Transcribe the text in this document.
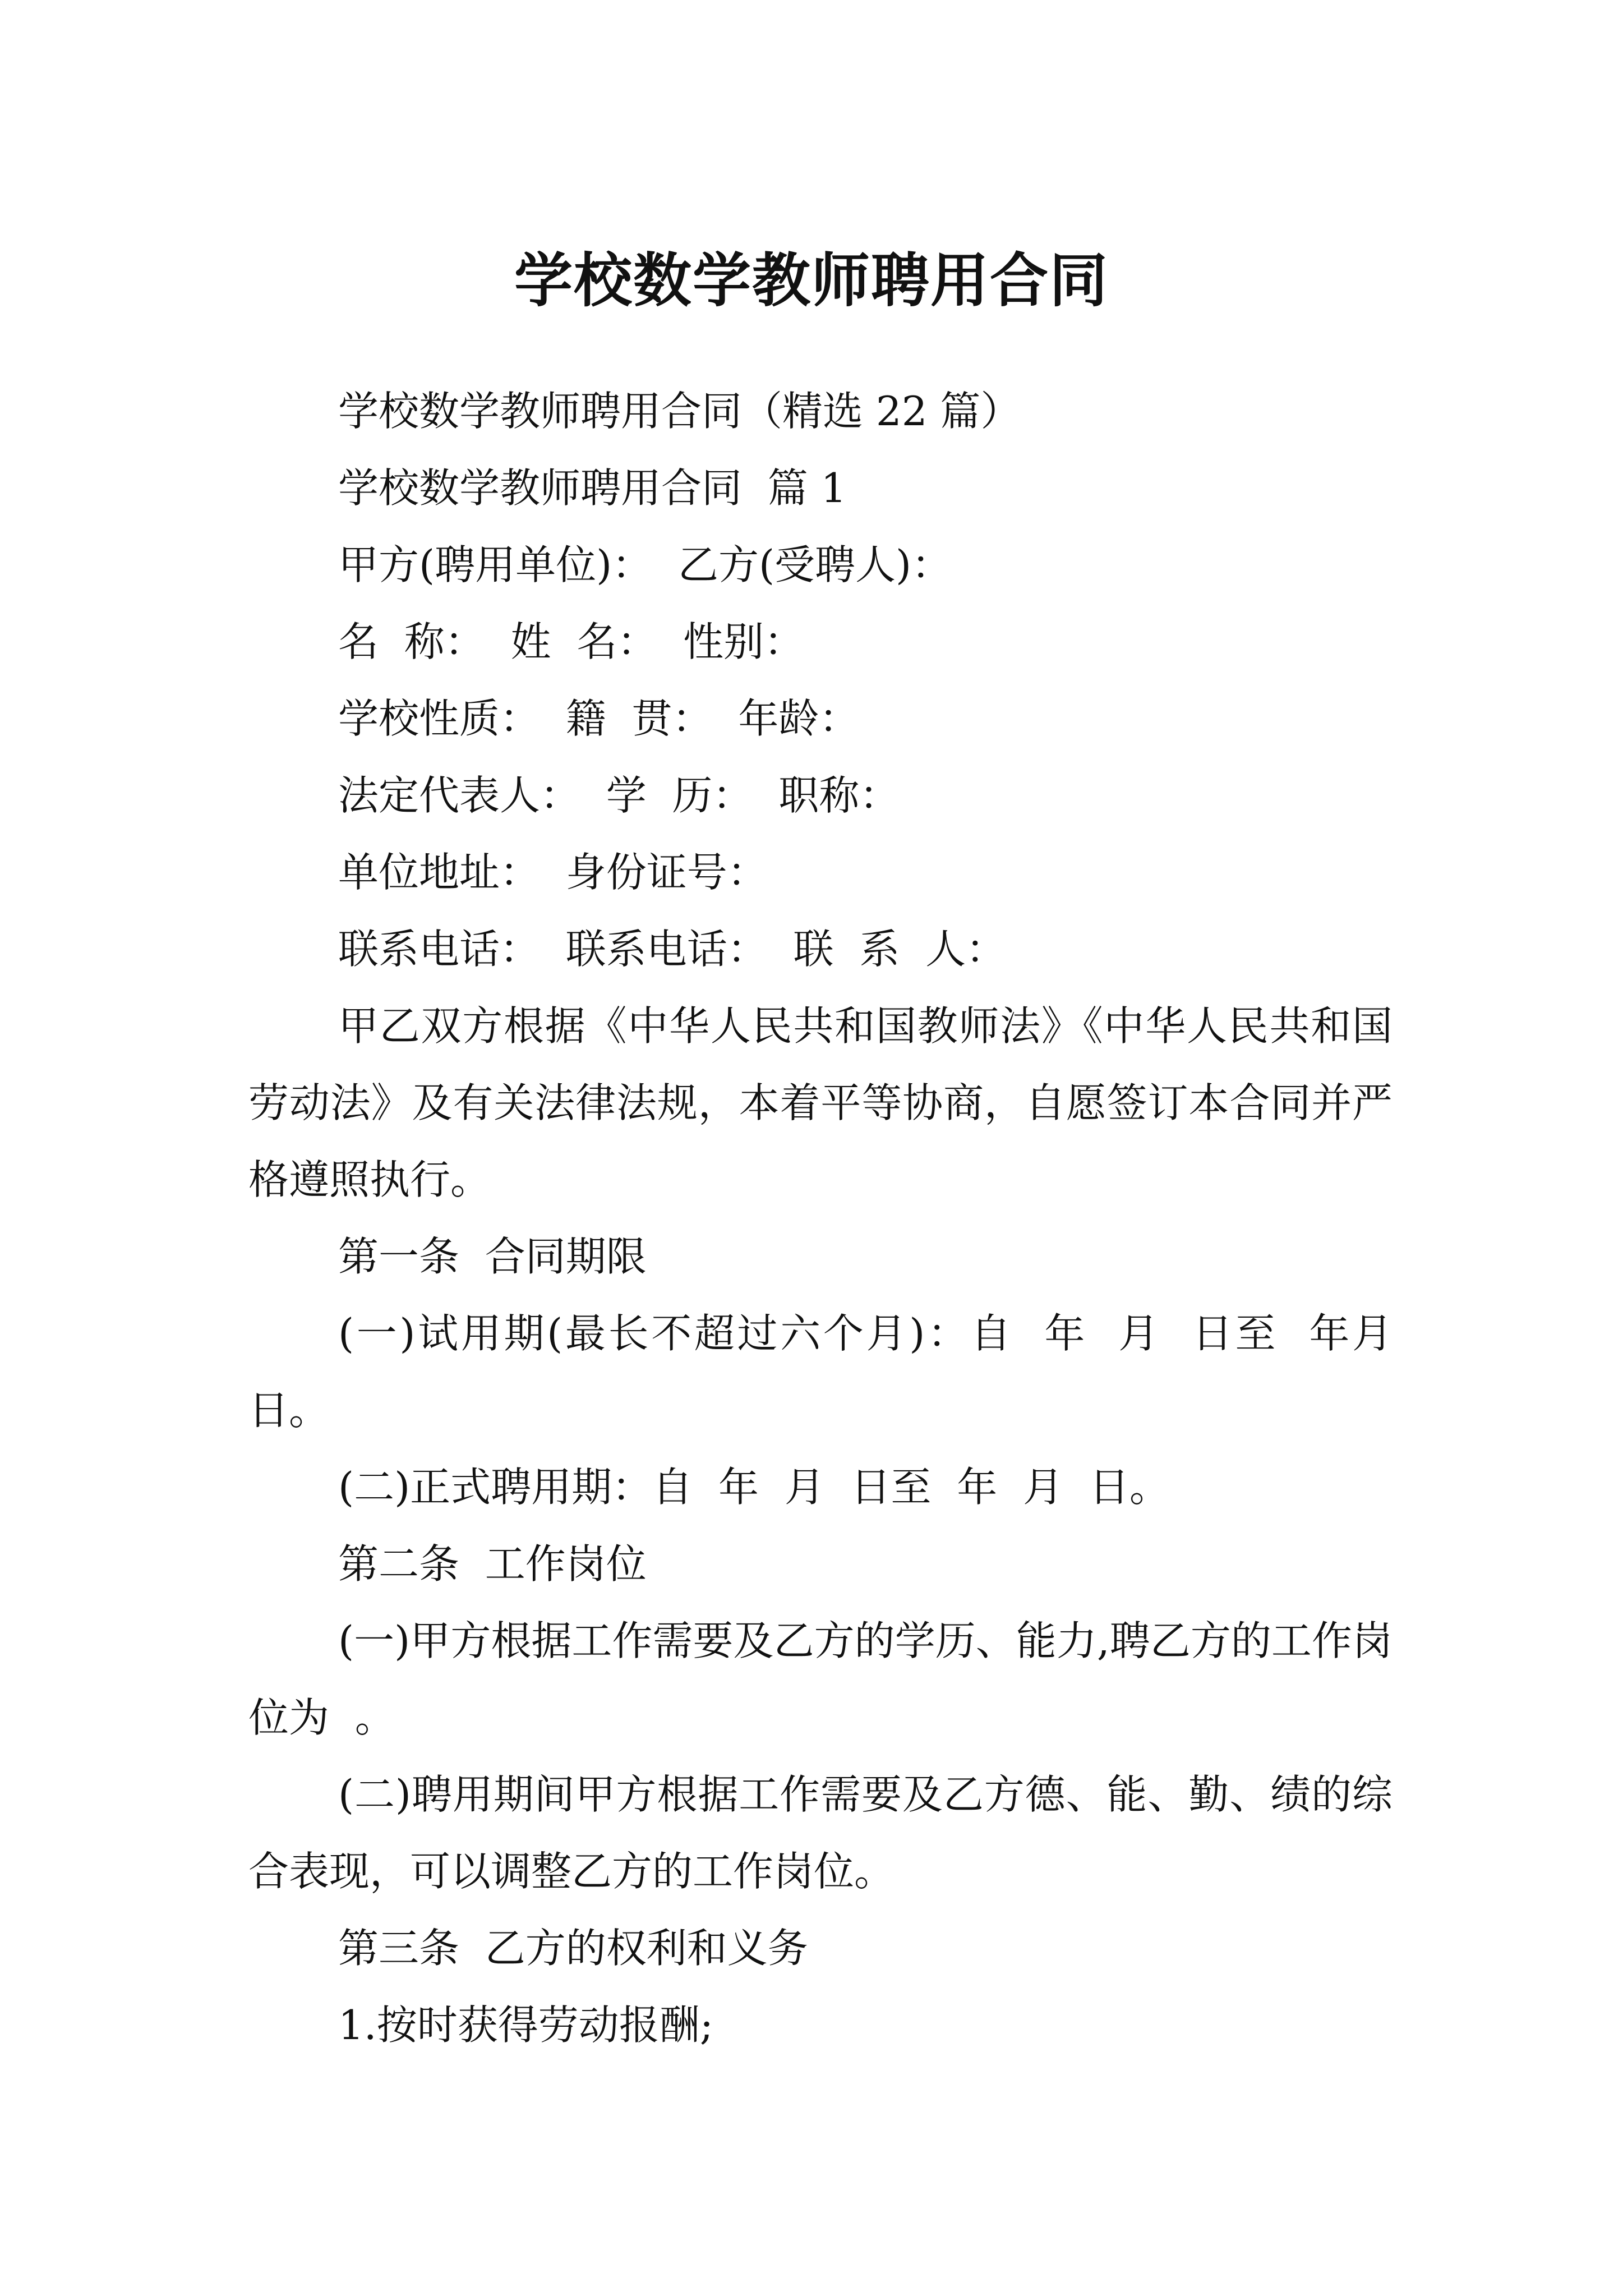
学校数学教师聘用合同

学校数学教师聘用合同（精选 22 篇）

学校数学教师聘用合同  篇 1

甲方(聘用单位)：  乙方(受聘人)：

名  称：  姓  名：  性别：

学校性质：  籍  贯：  年龄：

法定代表人：  学  历：  职称：

单位地址：  身份证号：

联系电话：  联系电话：  联  系  人：

甲乙双方根据《中华人民共和国教师法》《中华人民共和国劳动法》及有关法律法规，本着平等协商，自愿签订本合同并严格遵照执行。

第一条  合同期限

(一)试用期(最长不超过六个月)：自  年  月  日至  年月  日。

(二)正式聘用期：自  年  月  日至  年  月  日。

第二条  工作岗位

(一)甲方根据工作需要及乙方的学历、能力,聘乙方的工作岗位为  。

(二)聘用期间甲方根据工作需要及乙方德、能、勤、绩的综合表现，可以调整乙方的工作岗位。

第三条  乙方的权利和义务

1.按时获得劳动报酬;
